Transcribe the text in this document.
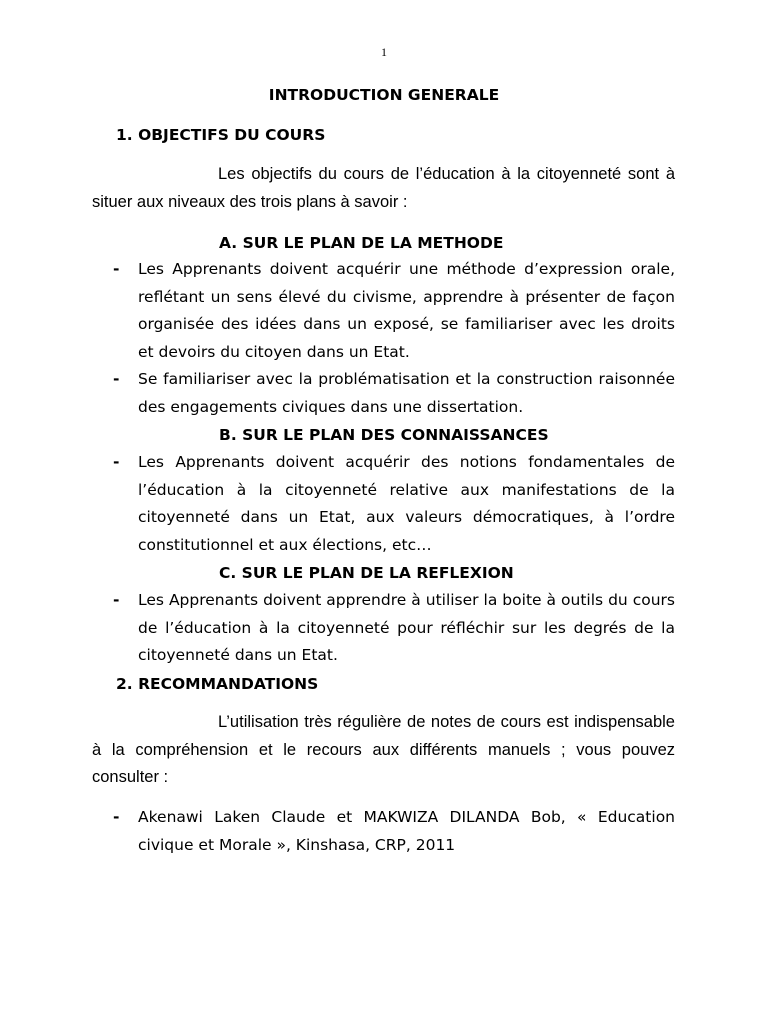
1
INTRODUCTION GENERALE
1. OBJECTIFS DU COURS
Les objectifs du cours de l’éducation à la citoyenneté sont à situer aux niveaux des trois plans à savoir :
A. SUR LE PLAN DE LA METHODE
- Les Apprenants doivent acquérir une méthode d’expression orale, reflétant un sens élevé du civisme, apprendre à présenter de façon organisée des idées dans un exposé, se familiariser avec les droits et devoirs du citoyen dans un Etat.
- Se familiariser avec la problématisation et la construction raisonnée des engagements civiques dans une dissertation.
B. SUR LE PLAN DES CONNAISSANCES
- Les Apprenants doivent acquérir des notions fondamentales de l’éducation à la citoyenneté relative aux manifestations de la citoyenneté dans un Etat, aux valeurs démocratiques, à l’ordre constitutionnel et aux élections, etc…
C. SUR LE PLAN DE LA REFLEXION
- Les Apprenants doivent apprendre à utiliser la boite à outils du cours de l’éducation à la citoyenneté pour réfléchir sur les degrés de la citoyenneté dans un Etat.
2. RECOMMANDATIONS
L’utilisation très régulière de notes de cours est indispensable à la compréhension et le recours aux différents manuels ; vous pouvez consulter :
- Akenawi Laken Claude et MAKWIZA DILANDA Bob, « Education civique et Morale », Kinshasa, CRP, 2011
